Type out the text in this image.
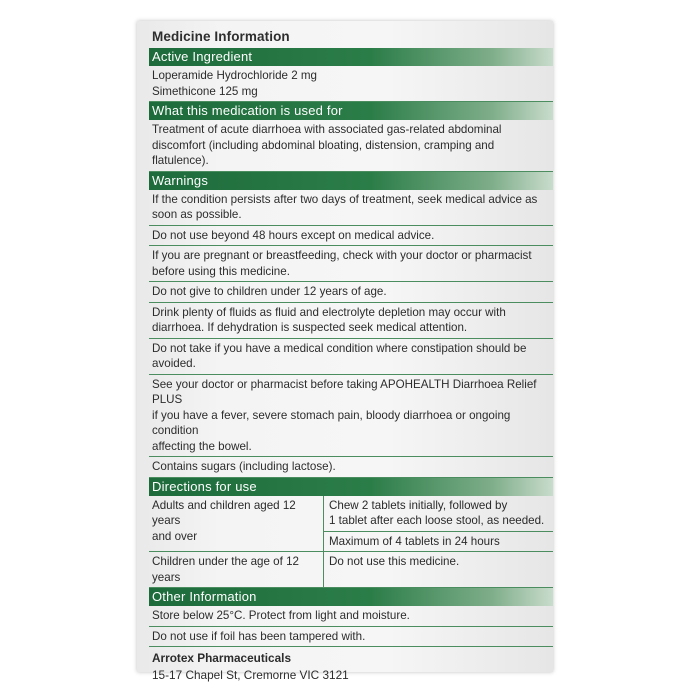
Medicine Information
Active Ingredient
Loperamide Hydrochloride 2 mg
Simethicone 125 mg
What this medication is used for
Treatment of acute diarrhoea with associated gas-related abdominal
discomfort (including abdominal bloating, distension, cramping and flatulence).
Warnings
If the condition persists after two days of treatment, seek medical advice as
soon as possible.
Do not use beyond 48 hours except on medical advice.
If you are pregnant or breastfeeding, check with your doctor or pharmacist
before using this medicine.
Do not give to children under 12 years of age.
Drink plenty of fluids as fluid and electrolyte depletion may occur with
diarrhoea. If dehydration is suspected seek medical attention.
Do not take if you have a medical condition where constipation should be
avoided.
See your doctor or pharmacist before taking APOHEALTH Diarrhoea Relief PLUS
if you have a fever, severe stomach pain, bloody diarrhoea or ongoing condition
affecting the bowel.
Contains sugars (including lactose).
Directions for use
Adults and children aged 12 years
and over
Chew 2 tablets initially, followed by
1 tablet after each loose stool, as needed.
Maximum of 4 tablets in 24 hours
Children under the age of 12 years
Do not use this medicine.
Other Information
Store below 25°C. Protect from light and moisture.
Do not use if foil has been tampered with.
Arrotex Pharmaceuticals
15-17 Chapel St, Cremorne VIC 3121
